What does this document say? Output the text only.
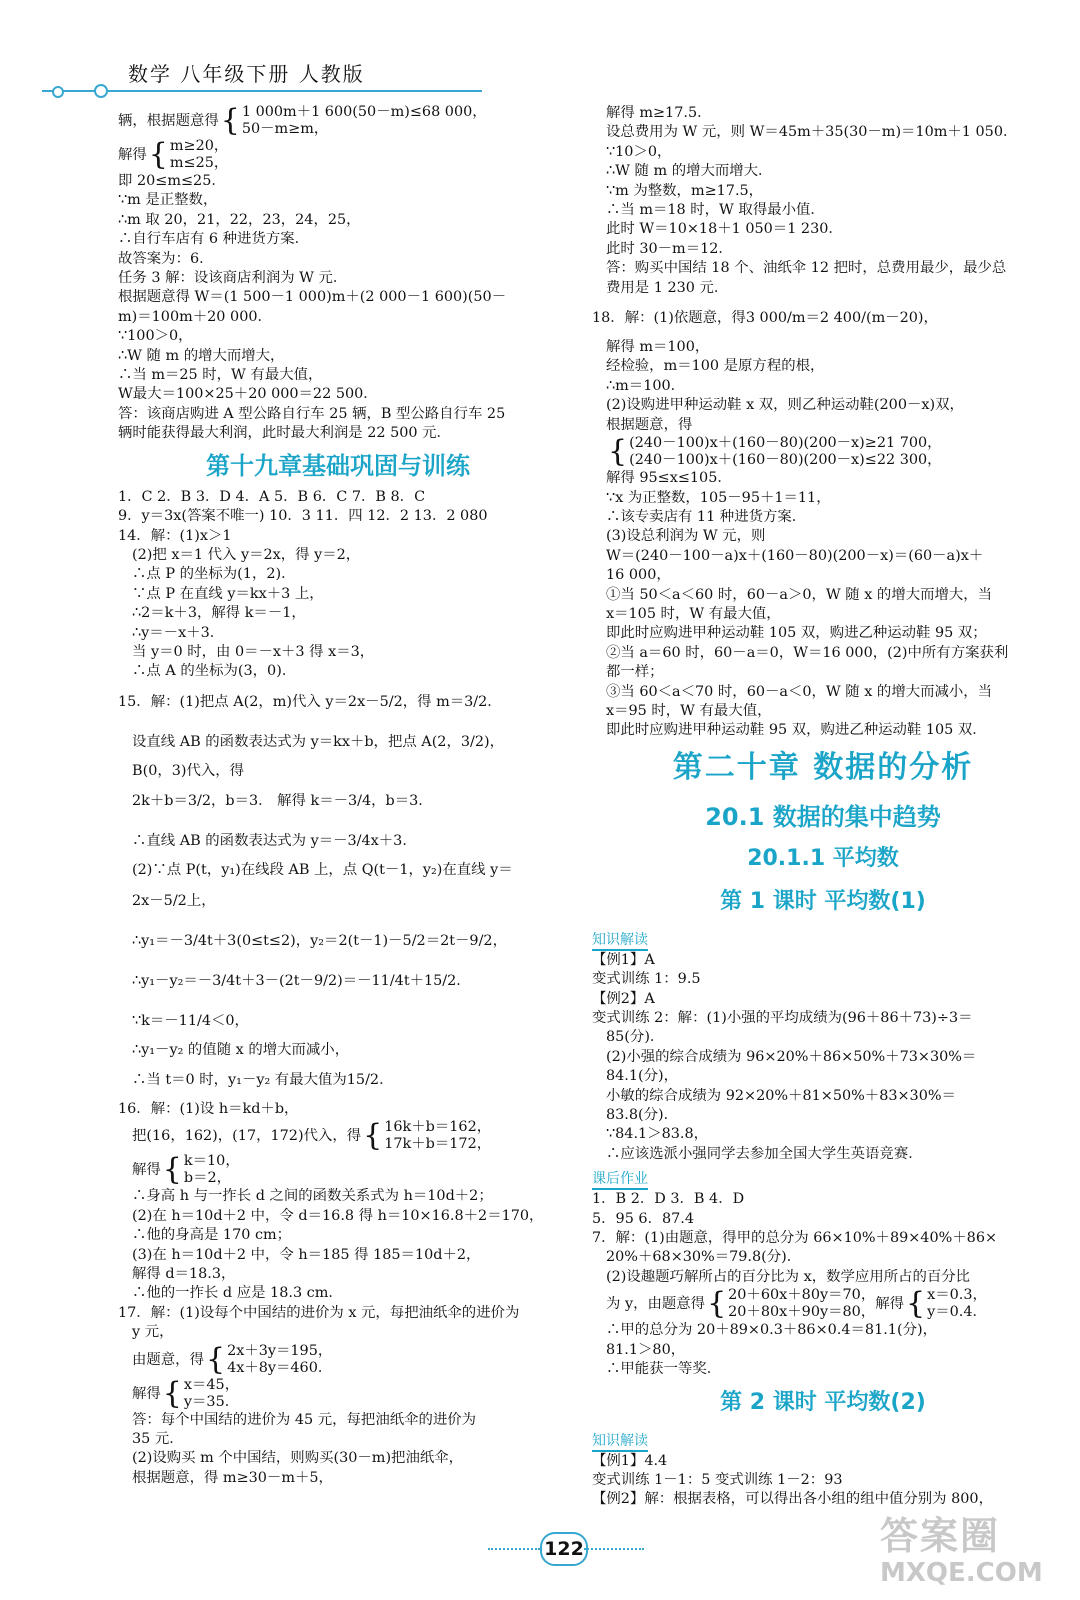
数学 八年级下册 人教版

辆，根据题意得{ 1 000m＋1 600(50－m)≤68 000，
50－m≥m，

解得{ m≥20，
m≤25，

即 20≤m≤25．

∵m 是正整数，

∴m 取 20，21，22，23，24，25，

∴自行车店有 6 种进货方案．

故答案为：6．

任务 3 解：设该商店利润为 W 元．

根据题意得 W＝(1 500－1 000)m＋(2 000－1 600)(50－

m)＝100m＋20 000．

∵100＞0，

∴W 随 m 的增大而增大，

∴当 m＝25 时，W 有最大值，

W最大＝100×25＋20 000＝22 500．

答：该商店购进 A 型公路自行车 25 辆，B 型公路自行车 25

辆时能获得最大利润，此时最大利润是 22 500 元．

第十九章基础巩固与训练

1．C 2．B 3．D 4．A 5．B 6．C 7．B 8．C

9．y＝3x(答案不唯一) 10．3 11．四 12．2 13．2 080

14．解：(1)x＞1

(2)把 x＝1 代入 y＝2x，得 y＝2，

∴点 P 的坐标为(1，2)．

∵点 P 在直线 y＝kx＋3 上，

∴2＝k＋3，解得 k＝－1，

∴y＝－x＋3．

当 y＝0 时，由 0＝－x＋3 得 x＝3，

∴点 A 的坐标为(3，0)．

15．解：(1)把点 A(2，m)代入 y＝2x－5/2，得 m＝3/2．

设直线 AB 的函数表达式为 y＝kx＋b，把点 A(2，3/2)，

B(0，3)代入，得

2k＋b＝3/2，b＝3． 解得 k＝－3/4，b＝3．

∴直线 AB 的函数表达式为 y＝－3/4x＋3．

(2)∵点 P(t，y₁)在线段 AB 上，点 Q(t－1，y₂)在直线 y＝

2x－5/2上，

∴y₁＝－3/4t＋3(0≤t≤2)，y₂＝2(t－1)－5/2＝2t－9/2，

∴y₁－y₂＝－3/4t＋3－(2t－9/2)＝－11/4t＋15/2．

∵k＝－11/4＜0，

∴y₁－y₂ 的值随 x 的增大而减小，

∴当 t＝0 时，y₁－y₂ 有最大值为15/2．

16．解：(1)设 h＝kd＋b，

把(16，162)，(17，172)代入，得{ 16k＋b＝162，
17k＋b＝172，

解得{ k＝10，
b＝2，

∴身高 h 与一拃长 d 之间的函数关系式为 h＝10d＋2；

(2)在 h＝10d＋2 中，令 d＝16.8 得 h＝10×16.8＋2＝170，

∴他的身高是 170 cm；

(3)在 h＝10d＋2 中，令 h＝185 得 185＝10d＋2，

解得 d＝18.3，

∴他的一拃长 d 应是 18.3 cm．

17．解：(1)设每个中国结的进价为 x 元，每把油纸伞的进价为

y 元，

由题意，得{ 2x＋3y＝195，
4x＋8y＝460．

解得{ x＝45，
y＝35．

答：每个中国结的进价为 45 元，每把油纸伞的进价为

35 元．

(2)设购买 m 个中国结，则购买(30－m)把油纸伞，

根据题意，得 m≥30－m＋5，

解得 m≥17.5．

设总费用为 W 元，则 W＝45m＋35(30－m)＝10m＋1 050．

∵10＞0，

∴W 随 m 的增大而增大．

∵m 为整数，m≥17.5，

∴当 m＝18 时，W 取得最小值．

此时 W＝10×18＋1 050＝1 230．

此时 30－m＝12．

答：购买中国结 18 个、油纸伞 12 把时，总费用最少，最少总

费用是 1 230 元．

18．解：(1)依题意，得3 000/m＝2 400/(m－20)，

解得 m＝100，

经检验，m＝100 是原方程的根，

∴m＝100．

(2)设购进甲种运动鞋 x 双，则乙种运动鞋(200－x)双，

根据题意，得

{ (240－100)x＋(160－80)(200－x)≥21 700，
(240－100)x＋(160－80)(200－x)≤22 300，

解得 95≤x≤105．

∵x 为正整数，105－95＋1＝11，

∴该专卖店有 11 种进货方案．

(3)设总利润为 W 元，则

W＝(240－100－a)x＋(160－80)(200－x)＝(60－a)x＋

16 000，

①当 50＜a＜60 时，60－a＞0，W 随 x 的增大而增大，当

x＝105 时，W 有最大值，

即此时应购进甲种运动鞋 105 双，购进乙种运动鞋 95 双；

②当 a＝60 时，60－a＝0，W＝16 000，(2)中所有方案获利

都一样；

③当 60＜a＜70 时，60－a＜0，W 随 x 的增大而减小，当

x＝95 时，W 有最大值，

即此时应购进甲种运动鞋 95 双，购进乙种运动鞋 105 双．

第二十章 数据的分析

20.1 数据的集中趋势

20.1.1 平均数

第 1 课时 平均数(1)

知识解读

【例1】A

变式训练 1：9.5

【例2】A

变式训练 2：解：(1)小强的平均成绩为(96＋86＋73)÷3＝

85(分)．

(2)小强的综合成绩为 96×20%＋86×50%＋73×30%＝

84.1(分)，

小敏的综合成绩为 92×20%＋81×50%＋83×30%＝

83.8(分)．

∵84.1＞83.8，

∴应该选派小强同学去参加全国大学生英语竞赛．

课后作业

1．B 2．D 3．B 4．D

5．95 6．87.4

7．解：(1)由题意，得甲的总分为 66×10%＋89×40%＋86×

20%＋68×30%＝79.8(分)．

(2)设趣题巧解所占的百分比为 x，数学应用所占的百分比

为 y，由题意得{ 20＋60x＋80y＝70，
20＋80x＋90y＝80， 解得{ x＝0.3，
y＝0.4．

∴甲的总分为 20＋89×0.3＋86×0.4＝81.1(分)，

81.1＞80，

∴甲能获一等奖．

第 2 课时 平均数(2)

知识解读

【例1】4.4

变式训练 1－1：5 变式训练 1－2：93

【例2】解：根据表格，可以得出各小组的组中值分别为 800，

122	答案圈
MXQE.COM
